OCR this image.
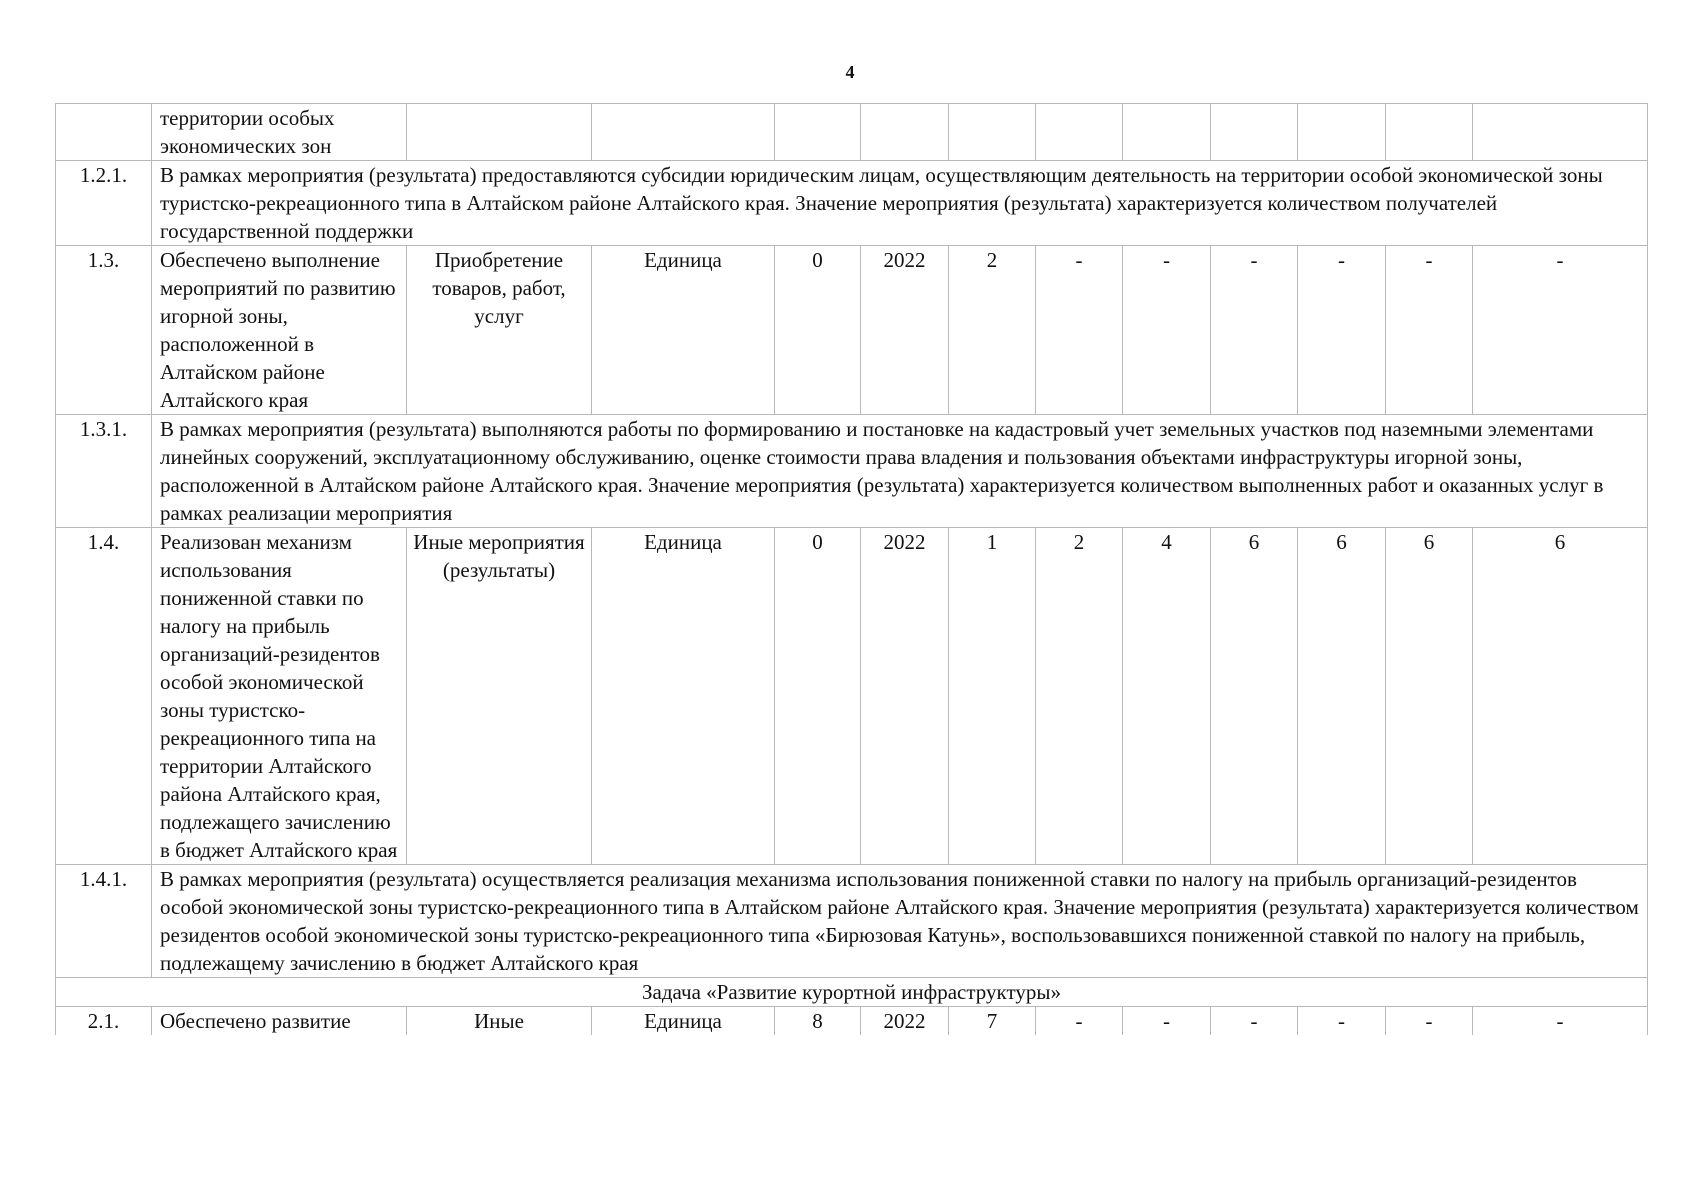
4
	территории особых экономических зон											
1.2.1.	В рамках мероприятия (результата) предоставляются субсидии юридическим лицам, осуществляющим деятельность на территории особой экономической зоны туристско-рекреационного типа в Алтайском районе Алтайского края. Значение мероприятия (результата) характеризуется количеством получателей государственной поддержки											
1.3.	Обеспечено выполнение мероприятий по развитию игорной зоны, расположенной в Алтайском районе Алтайского края	Приобретение товаров, работ, услуг	Единица	0	2022	2	-	-	-	-	-	-
1.3.1.	В рамках мероприятия (результата) выполняются работы по формированию и постановке на кадастровый учет земельных участков под наземными элементами линейных сооружений, эксплуатационному обслуживанию, оценке стоимости права владения и пользования объектами инфраструктуры игорной зоны, расположенной в Алтайском районе Алтайского края. Значение мероприятия (результата) характеризуется количеством выполненных работ и оказанных услуг в рамках реализации мероприятия											
1.4.	Реализован механизм использования пониженной ставки по налогу на прибыль организаций-резидентов особой экономической зоны туристско-рекреационного типа на территории Алтайского района Алтайского края, подлежащего зачислению в бюджет Алтайского края	Иные мероприятия (результаты)	Единица	0	2022	1	2	4	6	6	6	6
1.4.1.	В рамках мероприятия (результата) осуществляется реализация механизма использования пониженной ставки по налогу на прибыль организаций-резидентов особой экономической зоны туристско-рекреационного типа в Алтайском районе Алтайского края. Значение мероприятия (результата) характеризуется количеством резидентов особой экономической зоны туристско-рекреационного типа «Бирюзовая Катунь», воспользовавшихся пониженной ставкой по налогу на прибыль, подлежащему зачислению в бюджет Алтайского края											
Задача «Развитие курортной инфраструктуры»												
2.1.	Обеспечено развитие	Иные	Единица	8	2022	7	-	-	-	-	-	-
